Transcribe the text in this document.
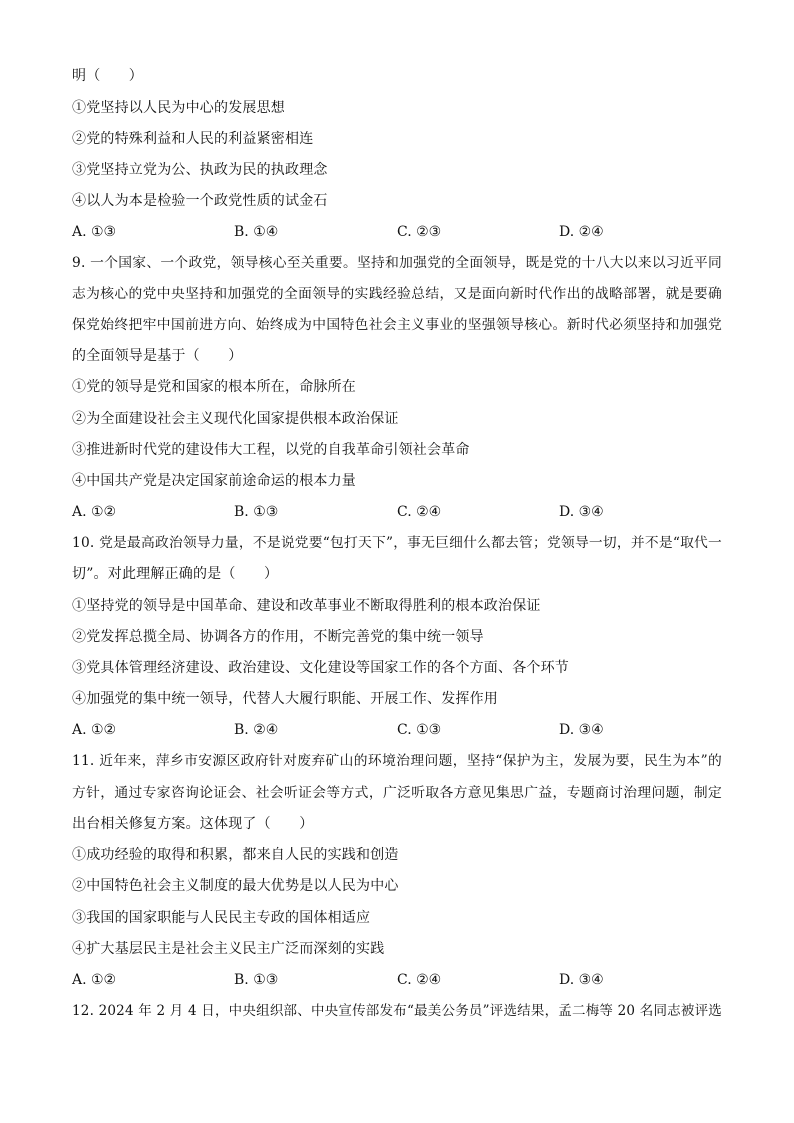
明（　　）
①党坚持以人民为中心的发展思想
②党的特殊利益和人民的利益紧密相连
③党坚持立党为公、执政为民的执政理念
④以人为本是检验一个政党性质的试金石
A. ①③	B. ①④	C. ②③	D. ②④
9. 一个国家、一个政党，领导核心至关重要。坚持和加强党的全面领导，既是党的十八大以来以习近平同
志为核心的党中央坚持和加强党的全面领导的实践经验总结，又是面向新时代作出的战略部署，就是要确
保党始终把牢中国前进方向、始终成为中国特色社会主义事业的坚强领导核心。新时代必须坚持和加强党
的全面领导是基于（　　）
①党的领导是党和国家的根本所在，命脉所在
②为全面建设社会主义现代化国家提供根本政治保证
③推进新时代党的建设伟大工程，以党的自我革命引领社会革命
④中国共产党是决定国家前途命运的根本力量
A. ①②	B. ①③	C. ②④	D. ③④
10. 党是最高政治领导力量，不是说党要“包打天下”，事无巨细什么都去管；党领导一切，并不是“取代一
切”。对此理解正确的是（　　）
①坚持党的领导是中国革命、建设和改革事业不断取得胜利的根本政治保证
②党发挥总揽全局、协调各方的作用，不断完善党的集中统一领导
③党具体管理经济建设、政治建设、文化建设等国家工作的各个方面、各个环节
④加强党的集中统一领导，代替人大履行职能、开展工作、发挥作用
A. ①②	B. ②④	C. ①③	D. ③④
11. 近年来，萍乡市安源区政府针对废弃矿山的环境治理问题，坚持“保护为主，发展为要，民生为本”的
方针，通过专家咨询论证会、社会听证会等方式，广泛听取各方意见集思广益，专题商讨治理问题，制定
出台相关修复方案。这体现了（　　）
①成功经验的取得和积累，都来自人民的实践和创造
②中国特色社会主义制度的最大优势是以人民为中心
③我国的国家职能与人民民主专政的国体相适应
④扩大基层民主是社会主义民主广泛而深刻的实践
A. ①②	B. ①③	C. ②④	D. ③④
12. 2024 年 2 月 4 日，中央组织部、中央宣传部发布“最美公务员”评选结果，孟二梅等 20 名同志被评选
